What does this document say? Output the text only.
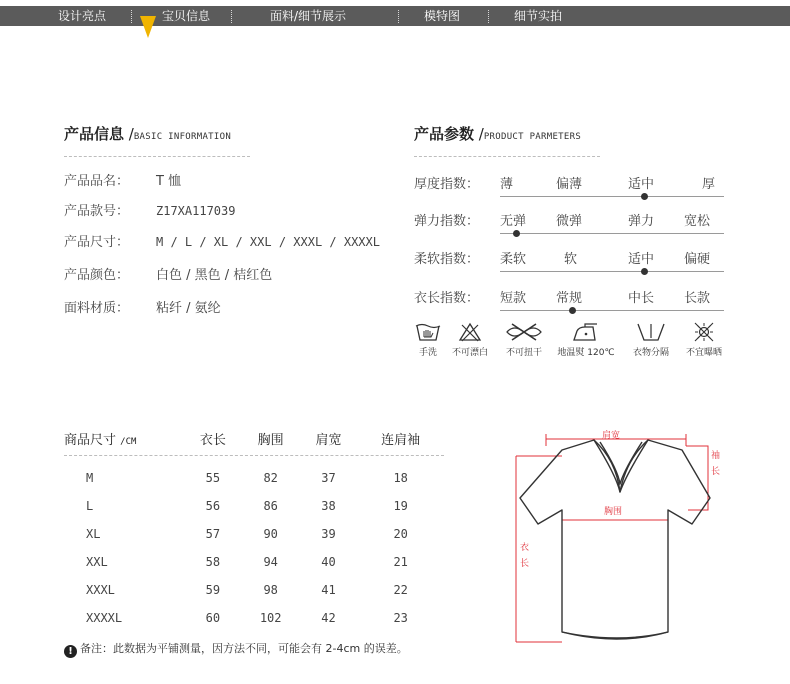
设计亮点	宝贝信息	面料/细节展示	模特图	细节实拍
产品信息 /BASIC INFORMATION
产品品名： T 恤
产品款号： Z17XA117039
产品尺寸： M / L / XL / XXL / XXXL / XXXXL
产品颜色： 白色 / 黑色 / 桔红色
面料材质： 粘纤 / 氨纶
产品参数 /PRODUCT PARMETERS
厚度指数： 薄	偏薄	适中	厚
弹力指数： 无弹 微弹	弹力 宽松
柔软指数： 柔软	软	适中 偏硬
衣长指数： 短款 常规	中长 长款
手洗	不可漂白	不可扭干	地温熨 120℃	衣物分隔	不宜曝晒
商品尺寸 /CM	衣长	胸围	肩宽	连肩袖

M	55	82	37	18
L	56	86	38	19
XL	57	90	39	20
XXL	58	94	40	21
XXXL	59	98	41	22
XXXXL	60	102	42	23
! 备注：此数据为平铺测量，因方法不同，可能会有 2-4cm 的误差。
肩宽
胸围
袖
长
衣
长
